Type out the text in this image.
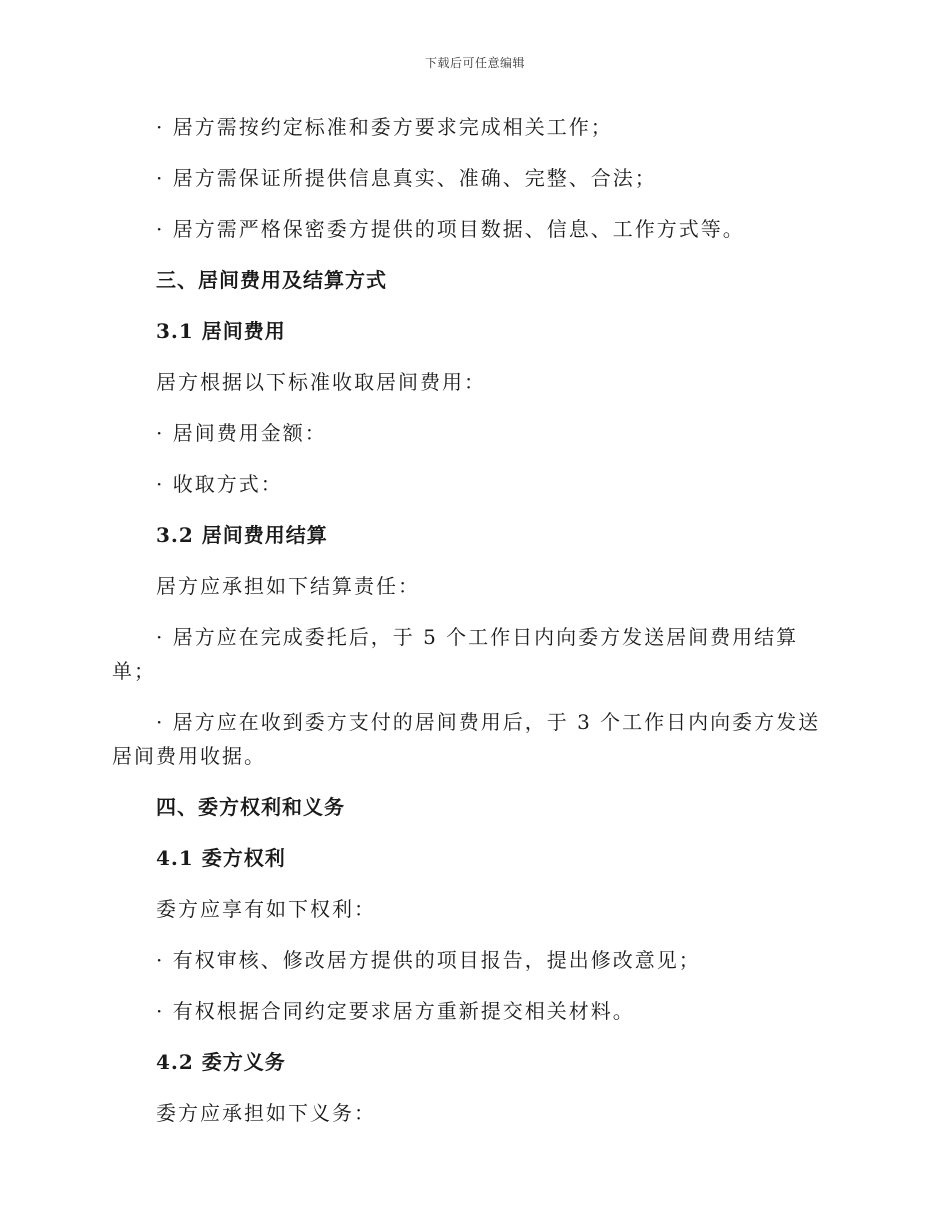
下载后可任意编辑

· 居方需按约定标准和委方要求完成相关工作；

· 居方需保证所提供信息真实、准确、完整、合法；

· 居方需严格保密委方提供的项目数据、信息、工作方式等。

三、居间费用及结算方式

3.1 居间费用

居方根据以下标准收取居间费用：

· 居间费用金额：

· 收取方式：

3.2 居间费用结算

居方应承担如下结算责任：

· 居方应在完成委托后，于 5 个工作日内向委方发送居间费用结算单；

· 居方应在收到委方支付的居间费用后，于 3 个工作日内向委方发送居间费用收据。

四、委方权利和义务

4.1 委方权利

委方应享有如下权利：

· 有权审核、修改居方提供的项目报告，提出修改意见；

· 有权根据合同约定要求居方重新提交相关材料。

4.2 委方义务

委方应承担如下义务：
